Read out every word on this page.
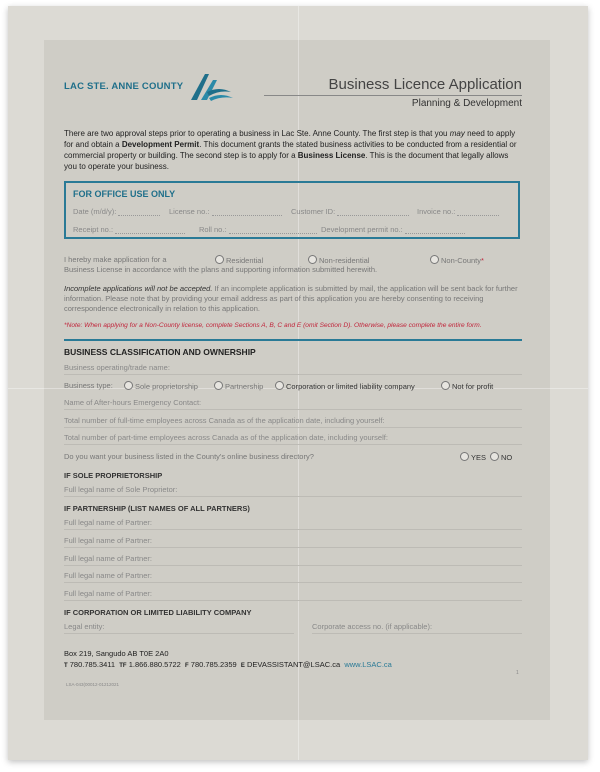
LAC STE. ANNE COUNTY	Business Licence Application
Planning & Development
There are two approval steps prior to operating a business in Lac Ste. Anne County. The first step is that you may need to apply for and obtain a Development Permit. This document grants the stated business activities to be conducted from a residential or commercial property or building. The second step is to apply for a Business License. This is the document that legally allows you to operate your business.
FOR OFFICE USE ONLY
Date (m/d/y):	License no.:	Customer ID:	Invoice no.:
Receipt no.:	Roll no.:	Development permit no.:
I hereby make application for a	Residential	Non-residential	Non-County*
Business License in accordance with the plans and supporting information submitted herewith.
Incomplete applications will not be accepted. If an incomplete application is submitted by mail, the application will be sent back for further information. Please note that by providing your email address as part of this application you are hereby consenting to receiving correspondence electronically in relation to this application.
*Note: When applying for a Non-County license, complete Sections A, B, C and E (omit Section D). Otherwise, please complete the entire form.
BUSINESS CLASSIFICATION AND OWNERSHIP
Business operating/trade name:
Business type:	Sole proprietorship	Partnership	Corporation or limited liability company	Not for profit
Name of After-hours Emergency Contact:
Total number of full-time employees across Canada as of the application date, including yourself:
Total number of part-time employees across Canada as of the application date, including yourself:
Do you want your business listed in the County's online business directory?	YES	NO
IF SOLE PROPRIETORSHIP
Full legal name of Sole Proprietor:
IF PARTNERSHIP (LIST NAMES OF ALL PARTNERS)
Full legal name of Partner:
Full legal name of Partner:
Full legal name of Partner:
Full legal name of Partner:
Full legal name of Partner:
IF CORPORATION OR LIMITED LIABILITY COMPANY
Legal entity:	Corporate access no. (if applicable):
Box 219, Sangudo AB T0E 2A0
T 780.785.3411 TF 1.866.880.5722 F 780.785.2359 E DEVASSISTANT@LSAC.ca www.LSAC.ca
LSA-043(00012-01212021
1
